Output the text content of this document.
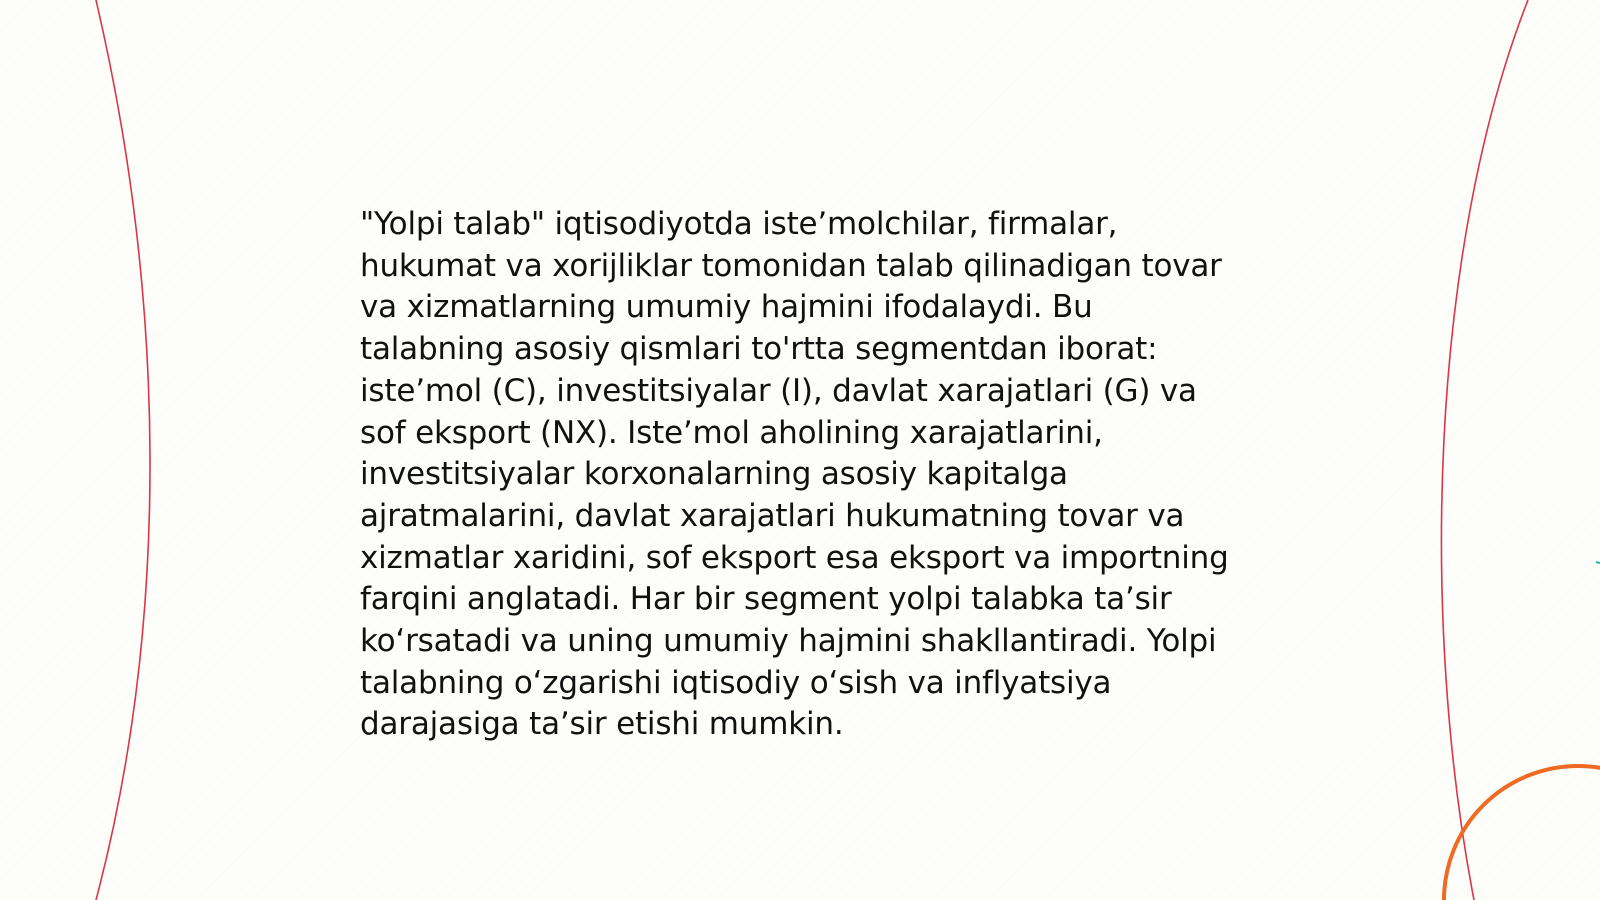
"Yolpi talab" iqtisodiyotda iste’molchilar, firmalar, hukumat va xorijliklar tomonidan talab qilinadigan tovar va xizmatlarning umumiy hajmini ifodalaydi. Bu talabning asosiy qismlari to'rtta segmentdan iborat: iste’mol (C), investitsiyalar (I), davlat xarajatlari (G) va sof eksport (NX). Iste’mol aholining xarajatlarini, investitsiyalar korxonalarning asosiy kapitalga ajratmalarini, davlat xarajatlari hukumatning tovar va xizmatlar xaridini, sof eksport esa eksport va importning farqini anglatadi. Har bir segment yolpi talabka ta’sir ko‘rsatadi va uning umumiy hajmini shakllantiradi. Yolpi talabning o‘zgarishi iqtisodiy o‘sish va inflyatsiya darajasiga ta’sir etishi mumkin.
